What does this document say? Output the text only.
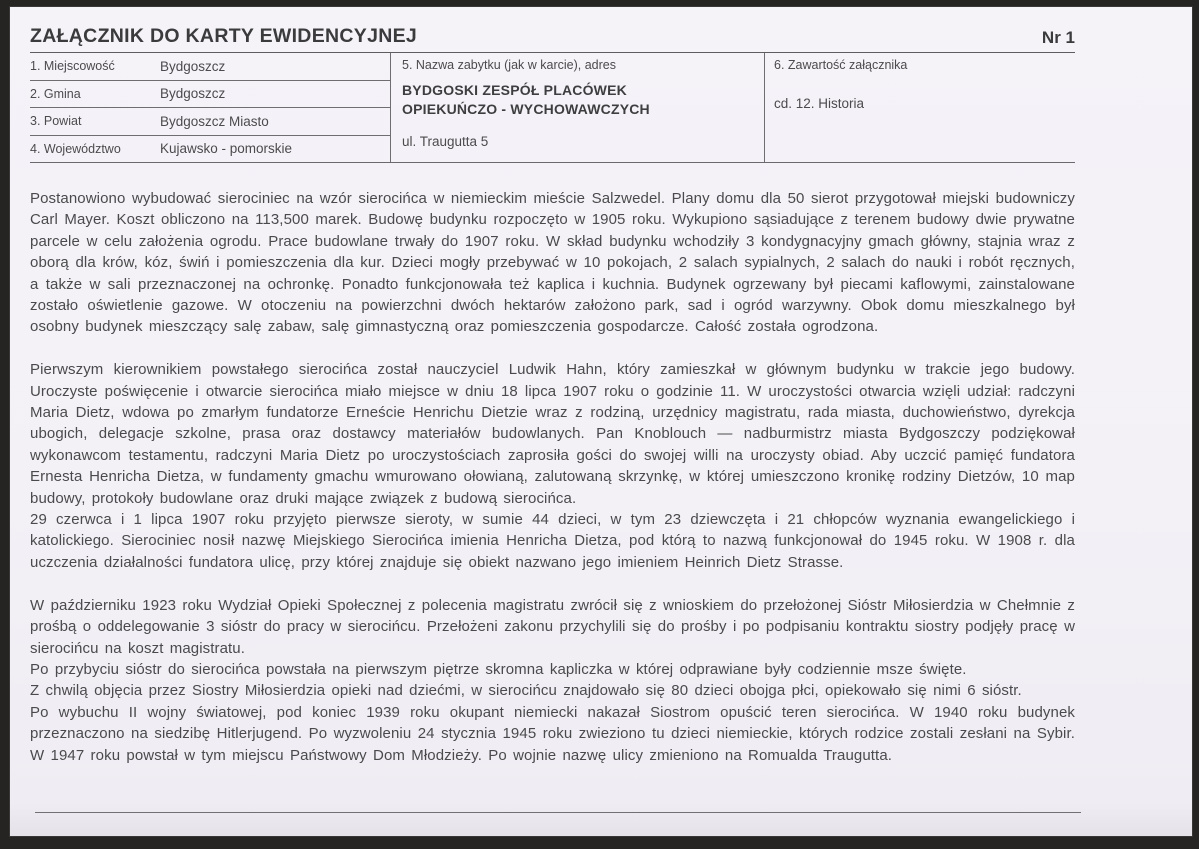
ZAŁĄCZNIK DO KARTY EWIDENCYJNEJ	Nr 1
1. Miejscowość	Bydgoszcz
2. Gmina	Bydgoszcz
3. Powiat	Bydgoszcz Miasto
4. Województwo	Kujawsko - pomorskie
5. Nazwa zabytku (jak w karcie), adres
BYDGOSKI ZESPÓŁ PLACÓWEK
OPIEKUŃCZO - WYCHOWAWCZYCH
ul. Traugutta 5
6. Zawartość załącznika
cd. 12. Historia

Postanowiono wybudować sierociniec na wzór sierocińca w niemieckim mieście Salzwedel. Plany domu dla 50 sierot przygotował miejski budowniczy Carl Mayer. Koszt obliczono na 113,500 marek. Budowę budynku rozpoczęto w 1905 roku. Wykupiono sąsiadujące z terenem budowy dwie prywatne parcele w celu założenia ogrodu. Prace budowlane trwały do 1907 roku. W skład budynku wchodziły 3 kondygnacyjny gmach główny, stajnia wraz z oborą dla krów, kóz, świń i pomieszczenia dla kur. Dzieci mogły przebywać w 10 pokojach, 2 salach sypialnych, 2 salach do nauki i robót ręcznych, a także w sali przeznaczonej na ochronkę. Ponadto funkcjonowała też kaplica i kuchnia. Budynek ogrzewany był piecami kaflowymi, zainstalowane zostało oświetlenie gazowe. W otoczeniu na powierzchni dwóch hektarów założono park, sad i ogród warzywny. Obok domu mieszkalnego był osobny budynek mieszczący salę zabaw, salę gimnastyczną oraz pomieszczenia gospodarcze. Całość została ogrodzona.

Pierwszym kierownikiem powstałego sierocińca został nauczyciel Ludwik Hahn, który zamieszkał w głównym budynku w trakcie jego budowy. Uroczyste poświęcenie i otwarcie sierocińca miało miejsce w dniu 18 lipca 1907 roku o godzinie 11. W uroczystości otwarcia wzięli udział: radczyni Maria Dietz, wdowa po zmarłym fundatorze Erneście Henrichu Dietzie wraz z rodziną, urzędnicy magistratu, rada miasta, duchowieństwo, dyrekcja ubogich, delegacje szkolne, prasa oraz dostawcy materiałów budowlanych. Pan Knoblouch — nadburmistrz miasta Bydgoszczy podziękował wykonawcom testamentu, radczyni Maria Dietz po uroczystościach zaprosiła gości do swojej willi na uroczysty obiad. Aby uczcić pamięć fundatora Ernesta Henricha Dietza, w fundamenty gmachu wmurowano ołowianą, zalutowaną skrzynkę, w której umieszczono kronikę rodziny Dietzów, 10 map budowy, protokoły budowlane oraz druki mające związek z budową sierocińca.

29 czerwca i 1 lipca 1907 roku przyjęto pierwsze sieroty, w sumie 44 dzieci, w tym 23 dziewczęta i 21 chłopców wyznania ewangelickiego i katolickiego. Sierociniec nosił nazwę Miejskiego Sierocińca imienia Henricha Dietza, pod którą to nazwą funkcjonował do 1945 roku. W 1908 r. dla uczczenia działalności fundatora ulicę, przy której znajduje się obiekt nazwano jego imieniem Heinrich Dietz Strasse.

W październiku 1923 roku Wydział Opieki Społecznej z polecenia magistratu zwrócił się z wnioskiem do przełożonej Sióstr Miłosierdzia w Chełmnie z prośbą o oddelegowanie 3 sióstr do pracy w sierocińcu. Przełożeni zakonu przychylili się do prośby i po podpisaniu kontraktu siostry podjęły pracę w sierocińcu na koszt magistratu.

Po przybyciu sióstr do sierocińca powstała na pierwszym piętrze skromna kapliczka w której odprawiane były codziennie msze święte.

Z chwilą objęcia przez Siostry Miłosierdzia opieki nad dziećmi, w sierocińcu znajdowało się 80 dzieci obojga płci, opiekowało się nimi 6 sióstr.

Po wybuchu II wojny światowej, pod koniec 1939 roku okupant niemiecki nakazał Siostrom opuścić teren sierocińca. W 1940 roku budynek przeznaczono na siedzibę Hitlerjugend. Po wyzwoleniu 24 stycznia 1945 roku zwieziono tu dzieci niemieckie, których rodzice zostali zesłani na Sybir. W 1947 roku powstał w tym miejscu Państwowy Dom Młodzieży. Po wojnie nazwę ulicy zmieniono na Romualda Traugutta.
